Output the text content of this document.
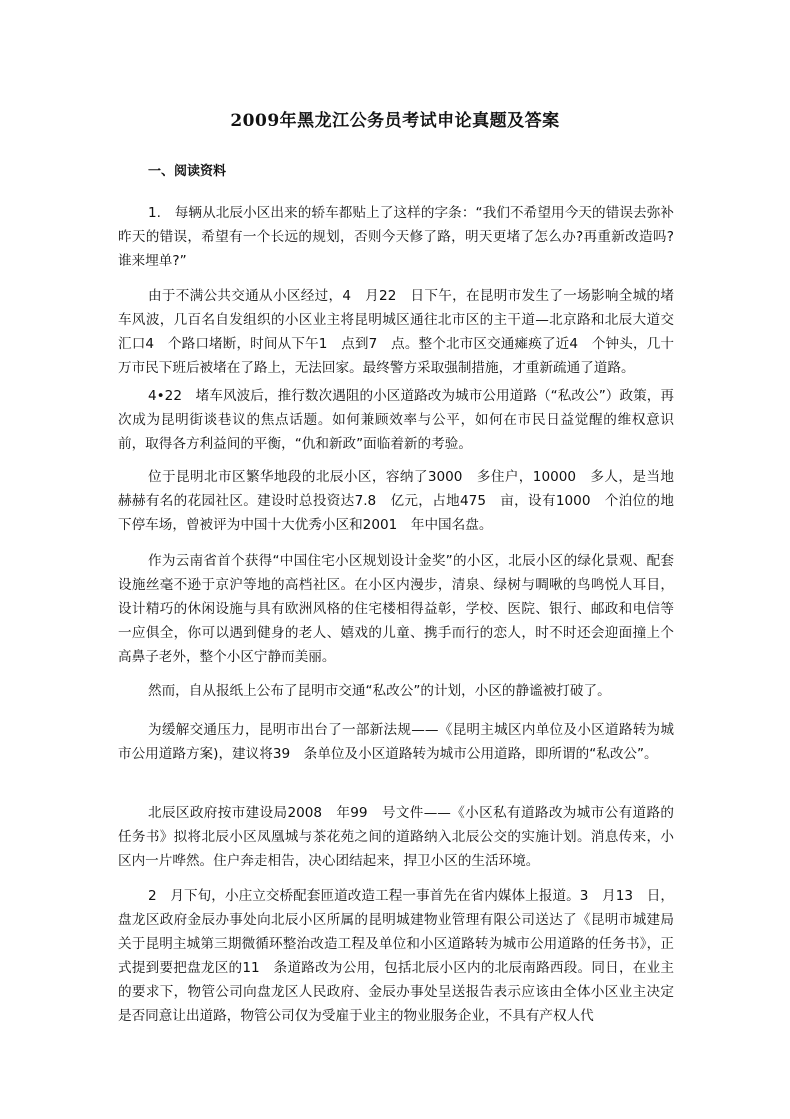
2009年黑龙江公务员考试申论真题及答案
一、阅读资料

1.　每辆从北辰小区出来的轿车都贴上了这样的字条：“我们不希望用今天的错误去弥补昨天的错误，希望有一个长远的规划，否则今天修了路，明天更堵了怎么办?再重新改造吗?谁来埋单?”

由于不满公共交通从小区经过，4　月22　日下午，在昆明市发生了一场影响全城的堵车风波，几百名自发组织的小区业主将昆明城区通往北市区的主干道—北京路和北辰大道交汇口4　个路口堵断，时间从下午1　点到7　点。整个北市区交通瘫痪了近4　个钟头，几十万市民下班后被堵在了路上，无法回家。最终警方采取强制措施，才重新疏通了道路。

4•22　堵车风波后，推行数次遇阻的小区道路改为城市公用道路（“私改公”）政策，再次成为昆明街谈巷议的焦点话题。如何兼顾效率与公平，如何在市民日益觉醒的维权意识前，取得各方利益间的平衡，“仇和新政”面临着新的考验。

位于昆明北市区繁华地段的北辰小区，容纳了3000　多住户，10000　多人，是当地赫赫有名的花园社区。建设时总投资达7.8　亿元，占地475　亩，设有1000　个泊位的地下停车场，曾被评为中国十大优秀小区和2001　年中国名盘。

作为云南省首个获得“中国住宅小区规划设计金奖”的小区，北辰小区的绿化景观、配套设施丝毫不逊于京沪等地的高档社区。在小区内漫步，清泉、绿树与啁啾的鸟鸣悦人耳目，设计精巧的休闲设施与具有欧洲风格的住宅楼相得益彰，学校、医院、银行、邮政和电信等一应俱全，你可以遇到健身的老人、嬉戏的儿童、携手而行的恋人，时不时还会迎面撞上个高鼻子老外，整个小区宁静而美丽。

然而，自从报纸上公布了昆明市交通“私改公”的计划，小区的静谧被打破了。

为缓解交通压力，昆明市出台了一部新法规——《昆明主城区内单位及小区道路转为城市公用道路方案)，建议将39　条单位及小区道路转为城市公用道路，即所谓的“私改公”。

北辰区政府按市建设局2008　年99　号文件——《小区私有道路改为城市公有道路的任务书》拟将北辰小区凤凰城与茶花苑之间的道路纳入北辰公交的实施计划。消息传来，小区内一片哗然。住户奔走相告，决心团结起来，捍卫小区的生活环境。

2　月下旬，小庄立交桥配套匝道改造工程一事首先在省内媒体上报道。3　月13　日，盘龙区政府金辰办事处向北辰小区所属的昆明城建物业管理有限公司送达了《昆明市城建局关于昆明主城第三期微循环整治改造工程及单位和小区道路转为城市公用道路的任务书》，正式提到要把盘龙区的11　条道路改为公用，包括北辰小区内的北辰南路西段。同日，在业主的要求下，物管公司向盘龙区人民政府、金辰办事处呈送报告表示应该由全体小区业主决定是否同意让出道路，物管公司仅为受雇于业主的物业服务企业，不具有产权人代
